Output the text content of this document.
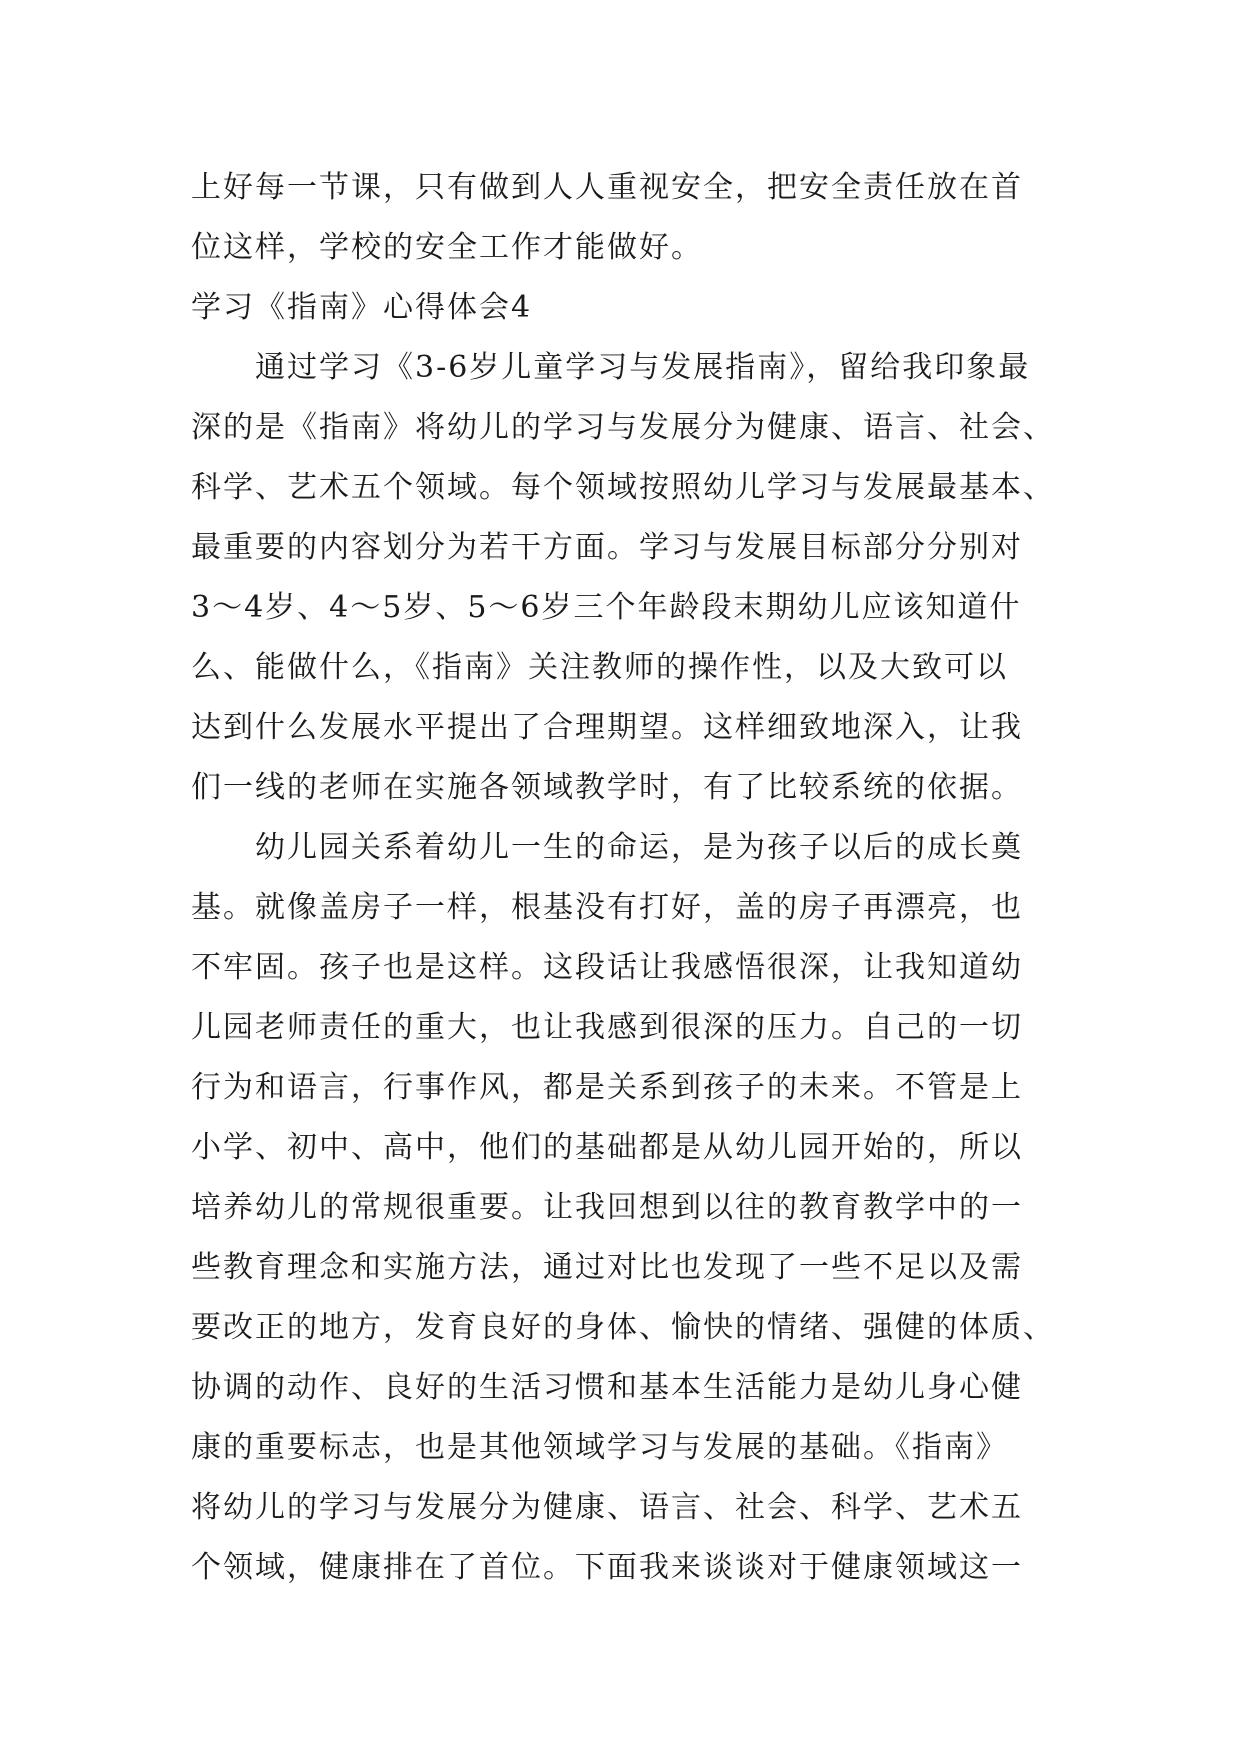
上好每一节课，只有做到人人重视安全，把安全责任放在首
位这样，学校的安全工作才能做好。
学习《指南》心得体会4
通过学习《3-6岁儿童学习与发展指南》，留给我印象最
深的是《指南》将幼儿的学习与发展分为健康、语言、社会、
科学、艺术五个领域。每个领域按照幼儿学习与发展最基本、
最重要的内容划分为若干方面。学习与发展目标部分分别对
3～4岁、4～5岁、5～6岁三个年龄段末期幼儿应该知道什
么、能做什么，《指南》关注教师的操作性，以及大致可以
达到什么发展水平提出了合理期望。这样细致地深入，让我
们一线的老师在实施各领域教学时，有了比较系统的依据。
幼儿园关系着幼儿一生的命运，是为孩子以后的成长奠
基。就像盖房子一样，根基没有打好，盖的房子再漂亮，也
不牢固。孩子也是这样。这段话让我感悟很深，让我知道幼
儿园老师责任的重大，也让我感到很深的压力。自己的一切
行为和语言，行事作风，都是关系到孩子的未来。不管是上
小学、初中、高中，他们的基础都是从幼儿园开始的，所以
培养幼儿的常规很重要。让我回想到以往的教育教学中的一
些教育理念和实施方法，通过对比也发现了一些不足以及需
要改正的地方，发育良好的身体、愉快的情绪、强健的体质、
协调的动作、良好的生活习惯和基本生活能力是幼儿身心健
康的重要标志，也是其他领域学习与发展的基础。《指南》
将幼儿的学习与发展分为健康、语言、社会、科学、艺术五
个领域，健康排在了首位。下面我来谈谈对于健康领域这一
